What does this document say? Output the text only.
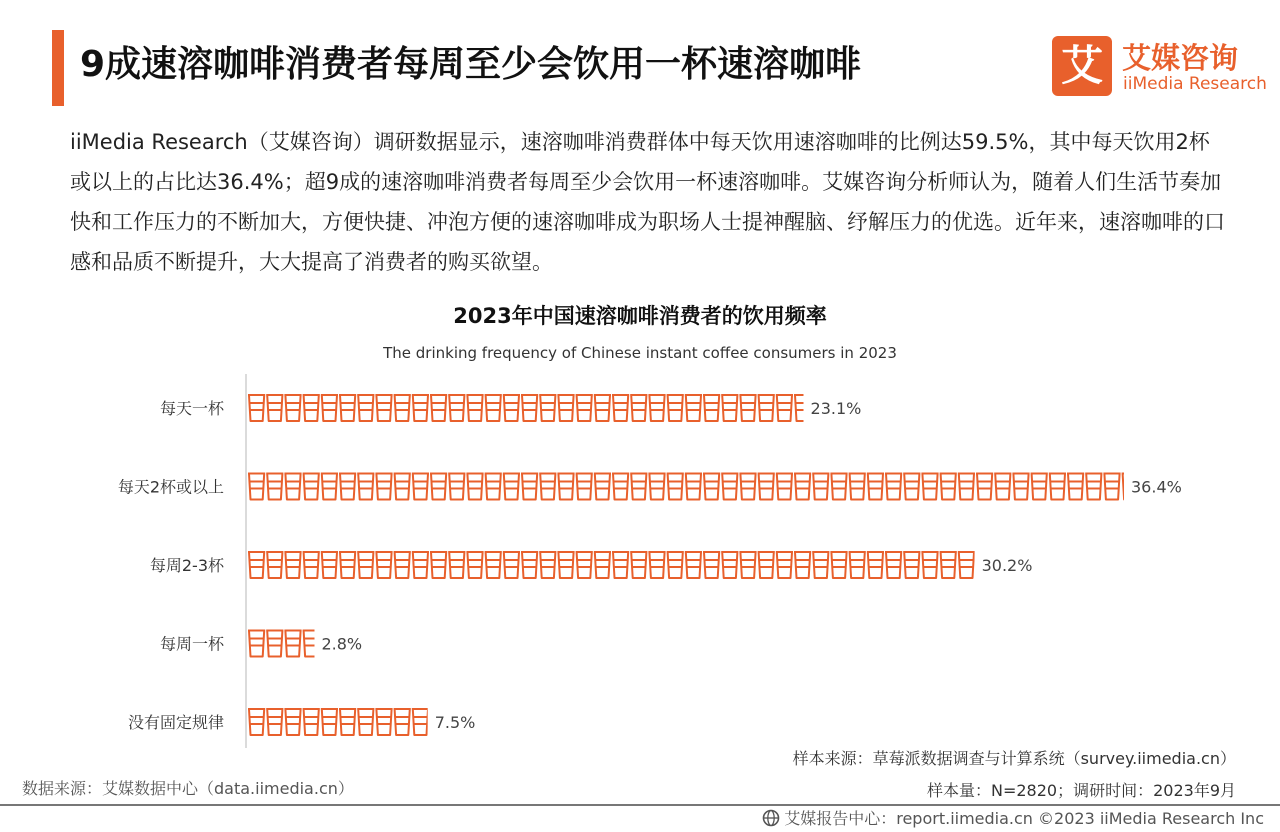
9成速溶咖啡消费者每周至少会饮用一杯速溶咖啡	艾 艾媒咨询
iiMedia Research

iiMedia Research（艾媒咨询）调研数据显示，速溶咖啡消费群体中每天饮用速溶咖啡的比例达59.5%，其中每天饮用2杯或以上的占比达36.4%；超9成的速溶咖啡消费者每周至少会饮用一杯速溶咖啡。艾媒咨询分析师认为，随着人们生活节奏加快和工作压力的不断加大，方便快捷、冲泡方便的速溶咖啡成为职场人士提神醒脑、纾解压力的优选。近年来，速溶咖啡的口感和品质不断提升，大大提高了消费者的购买欲望。

2023年中国速溶咖啡消费者的饮用频率
The drinking frequency of Chinese instant coffee consumers in 2023
每天一杯	23.1%
每天2杯或以上	36.4%
每周2-3杯	30.2%
每周一杯	2.8%
没有固定规律	7.5%
样本来源：草莓派数据调查与计算系统（survey.iimedia.cn）
样本量：N=2820；调研时间：2023年9月
数据来源：艾媒数据中心（data.iimedia.cn）
艾媒报告中心：report.iimedia.cn ©2023 iiMedia Research Inc
